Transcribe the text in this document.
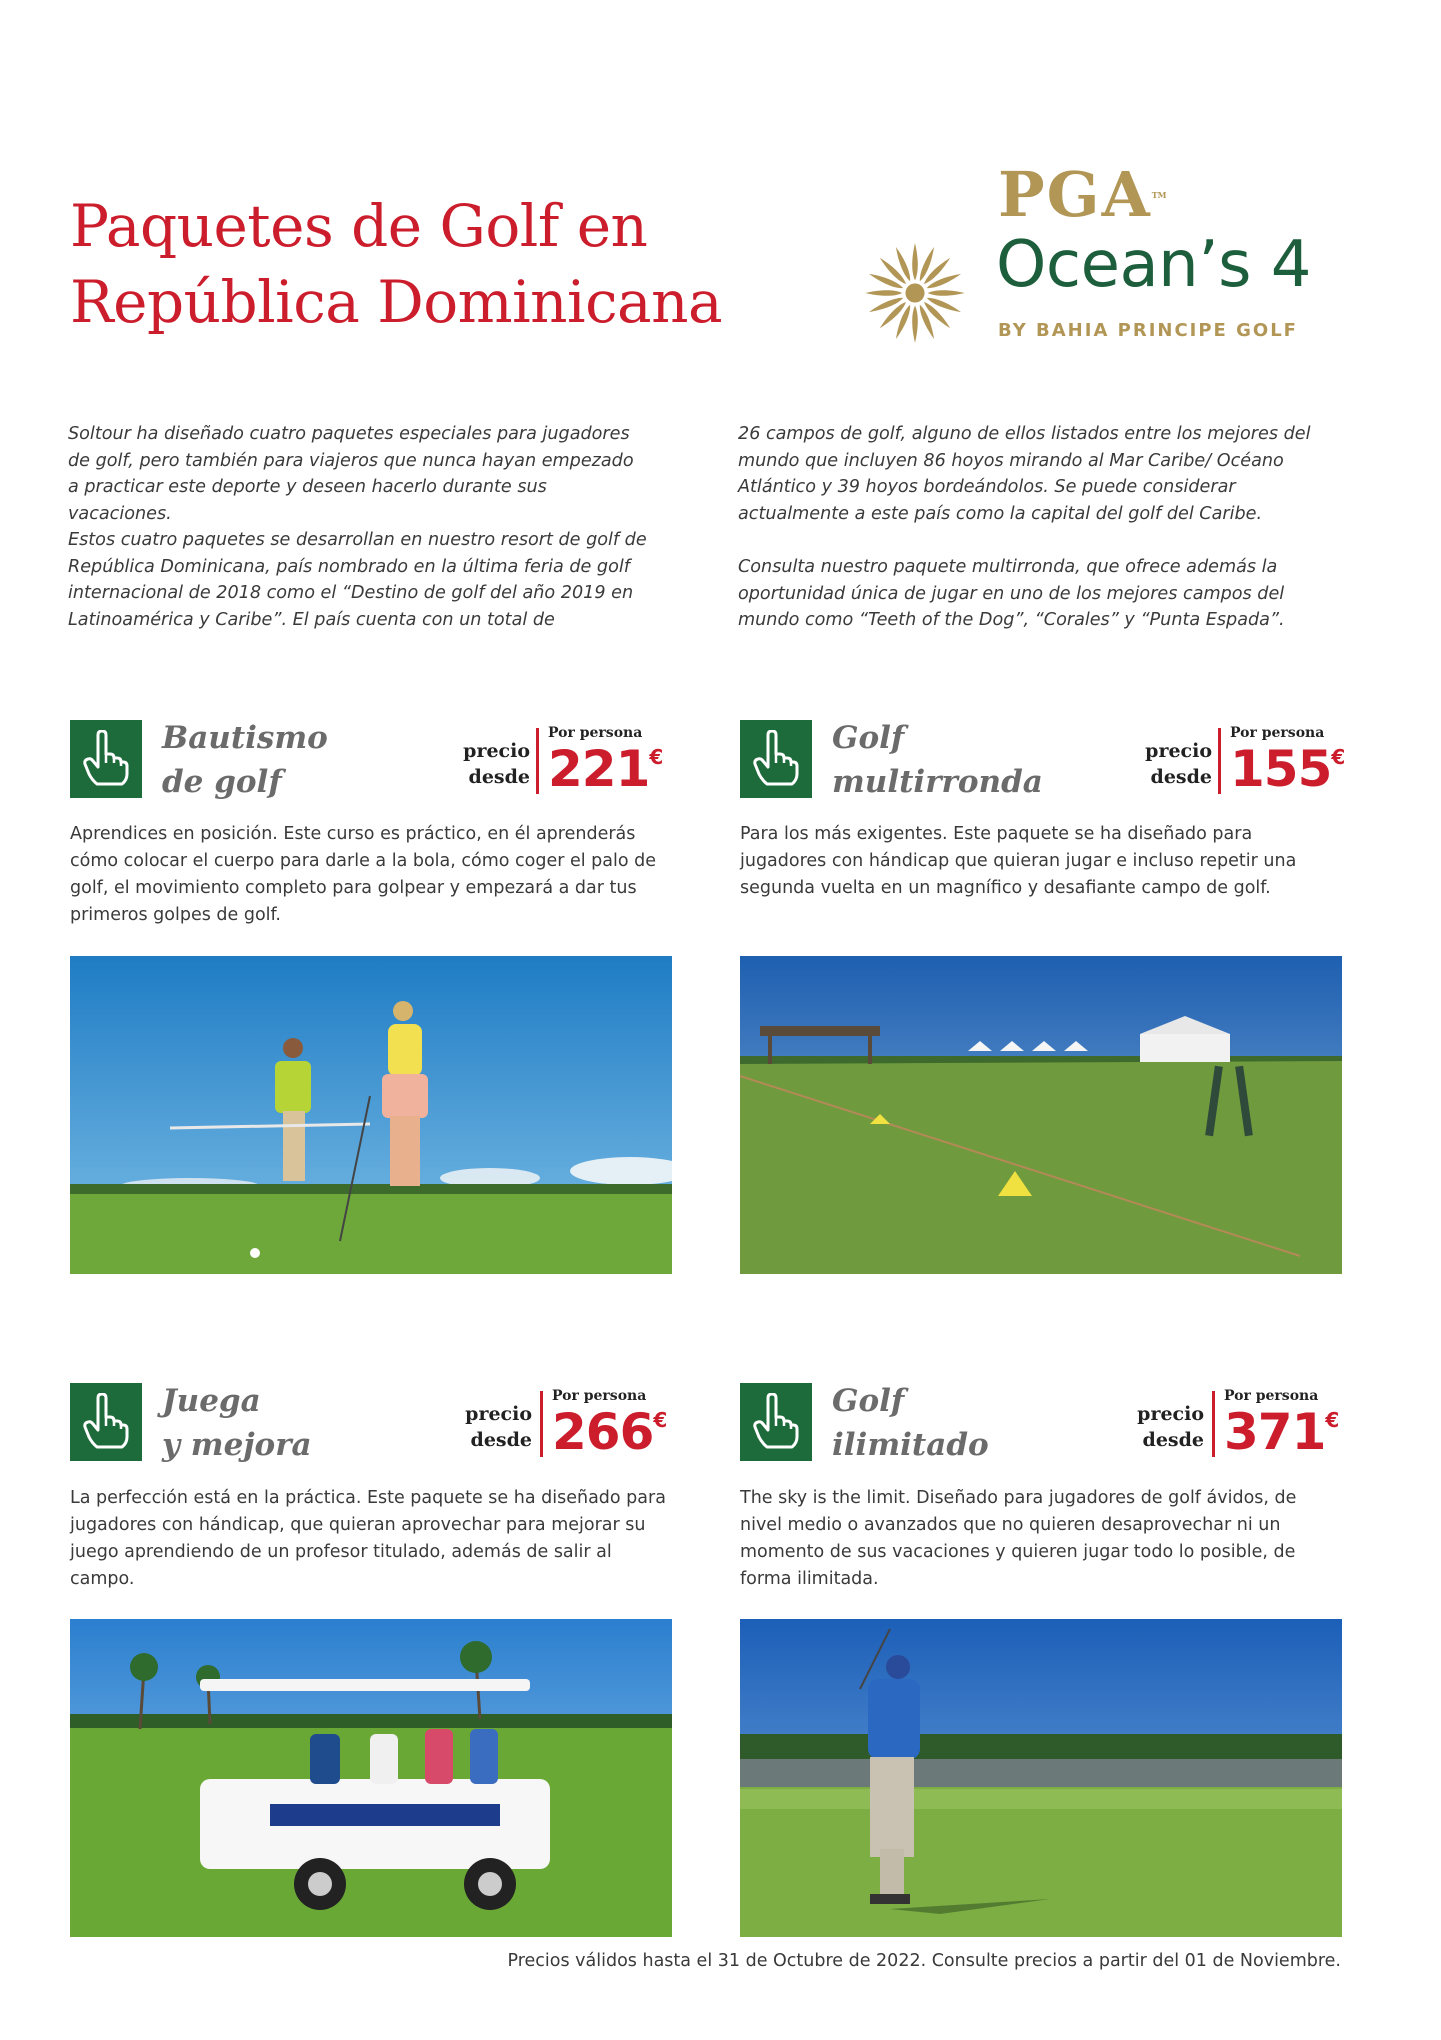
Paquetes de Golf en
República Dominicana
PGA™
Ocean’s 4
BY BAHIA PRINCIPE GOLF

Soltour ha diseñado cuatro paquetes especiales para jugadores de golf, pero también para viajeros que nunca hayan empezado a practicar este deporte y deseen hacerlo durante sus vacaciones.

Estos cuatro paquetes se desarrollan en nuestro resort de golf de República Dominicana, país nombrado en la última feria de golf internacional de 2018 como el “Destino de golf del año 2019 en Latinoamérica y Caribe”. El país cuenta con un total de

26 campos de golf, alguno de ellos listados entre los mejores del mundo que incluyen 86 hoyos mirando al Mar Caribe/ Océano Atlántico y 39 hoyos bordeándolos. Se puede considerar actualmente a este país como la capital del golf del Caribe.

Consulta nuestro paquete multirronda, que ofrece además la oportunidad única de jugar en uno de los mejores campos del mundo como “Teeth of the Dog”, “Corales” y “Punta Espada”.

Bautismo
de golf
precio
desde
Por persona
221€

Aprendices en posición. Este curso es práctico, en él aprenderás cómo colocar el cuerpo para darle a la bola, cómo coger el palo de golf, el movimiento completo para golpear y empezará a dar tus primeros golpes de golf.

Golf
multirronda
precio
desde
Por persona
155€

Para los más exigentes. Este paquete se ha diseñado para jugadores con hándicap que quieran jugar e incluso repetir una segunda vuelta en un magnífico y desafiante campo de golf.

Juega
y mejora
precio
desde
Por persona
266€

La perfección está en la práctica. Este paquete se ha diseñado para jugadores con hándicap, que quieran aprovechar para mejorar su juego aprendiendo de un profesor titulado, además de salir al campo.

Golf
ilimitado
precio
desde
Por persona
371€

The sky is the limit. Diseñado para jugadores de golf ávidos, de nivel medio o avanzados que no quieren desaprovechar ni un momento de sus vacaciones y quieren jugar todo lo posible, de forma ilimitada.

Precios válidos hasta el 31 de Octubre de 2022. Consulte precios a partir del 01 de Noviembre.
